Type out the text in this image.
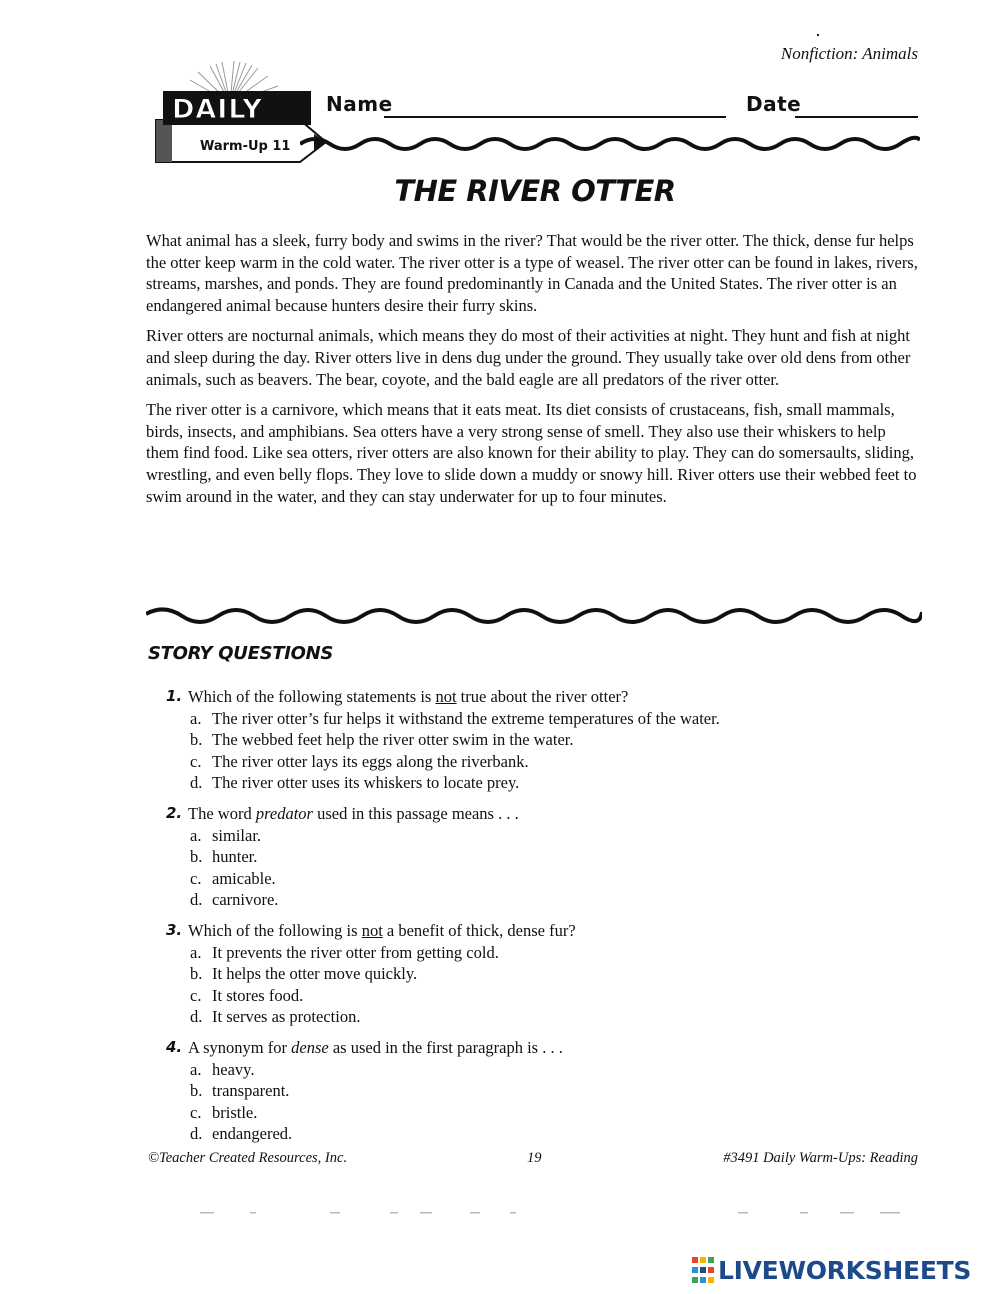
Nonfiction: Animals
DAILY
Warm-Up 11
Name	Date
THE RIVER OTTER

What animal has a sleek, furry body and swims in the river? That would be the river otter. The thick, dense fur helps the otter keep warm in the cold water. The river otter is a type of weasel. The river otter can be found in lakes, rivers, streams, marshes, and ponds. They are found predominantly in Canada and the United States. The river otter is an endangered animal because hunters desire their furry skins.

River otters are nocturnal animals, which means they do most of their activities at night. They hunt and fish at night and sleep during the day. River otters live in dens dug under the ground. They usually take over old dens from other animals, such as beavers. The bear, coyote, and the bald eagle are all predators of the river otter.

The river otter is a carnivore, which means that it eats meat. Its diet consists of crustaceans, fish, small mammals, birds, insects, and amphibians. Sea otters have a very strong sense of smell. They also use their whiskers to help them find food. Like sea otters, river otters are also known for their ability to play. They can do somersaults, sliding, wrestling, and even belly flops. They love to slide down a muddy or snowy hill. River otters use their webbed feet to swim around in the water, and they can stay underwater for up to four minutes.

STORY QUESTIONS
1. Which of the following statements is not true about the river otter?
a. The river otter’s fur helps it withstand the extreme temperatures of the water.
b. The webbed feet help the river otter swim in the water.
c. The river otter lays its eggs along the riverbank.
d. The river otter uses its whiskers to locate prey.
2. The word predator used in this passage means . . .
a. similar.
b. hunter.
c. amicable.
d. carnivore.
3. Which of the following is not a benefit of thick, dense fur?
a. It prevents the river otter from getting cold.
b. It helps the otter move quickly.
c. It stores food.
d. It serves as protection.
4. A synonym for dense as used in the first paragraph is . . .
a. heavy.
b. transparent.
c. bristle.
d. endangered.
©Teacher Created Resources, Inc.	19	#3491 Daily Warm-Ups: Reading
LIVEWORKSHEETS
